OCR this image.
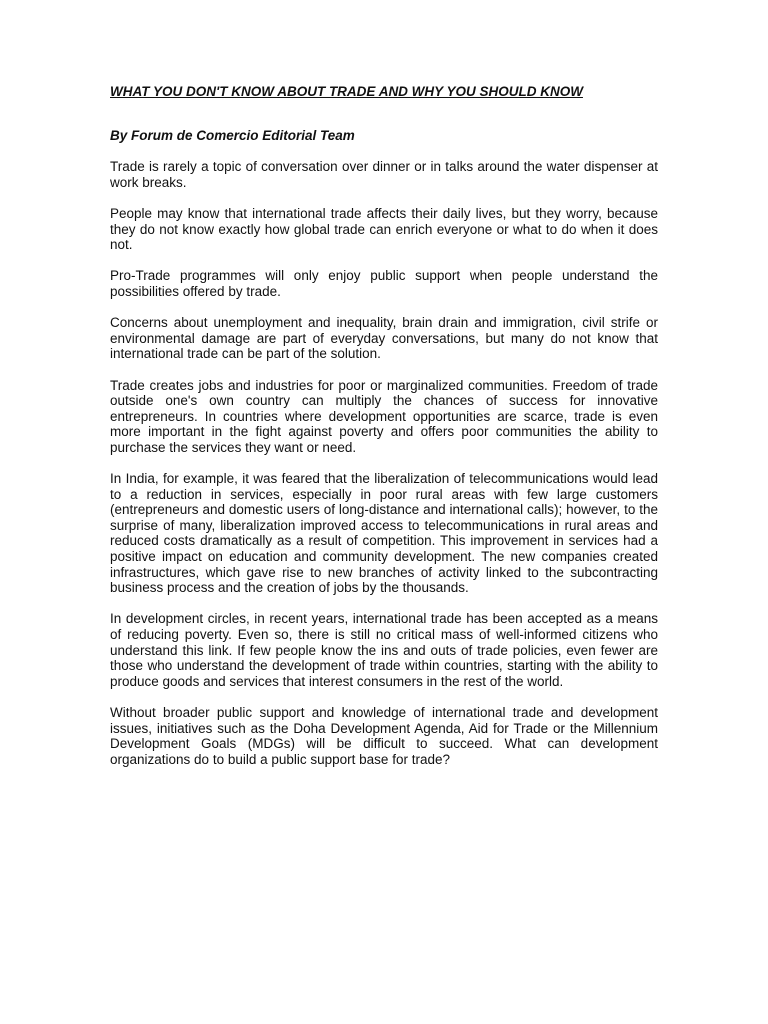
WHAT YOU DON'T KNOW ABOUT TRADE AND WHY YOU SHOULD KNOW
By Forum de Comercio Editorial Team

Trade is rarely a topic of conversation over dinner or in talks around the water dispenser at work breaks.

People may know that international trade affects their daily lives, but they worry, because they do not know exactly how global trade can enrich everyone or what to do when it does not.

Pro-Trade programmes will only enjoy public support when people understand the possibilities offered by trade.

Concerns about unemployment and inequality, brain drain and immigration, civil strife or environmental damage are part of everyday conversations, but many do not know that international trade can be part of the solution.

Trade creates jobs and industries for poor or marginalized communities. Freedom of trade outside one's own country can multiply the chances of success for innovative entrepreneurs. In countries where development opportunities are scarce, trade is even more important in the fight against poverty and offers poor communities the ability to purchase the services they want or need.

In India, for example, it was feared that the liberalization of telecommunications would lead to a reduction in services, especially in poor rural areas with few large customers (entrepreneurs and domestic users of long-distance and international calls); however, to the surprise of many, liberalization improved access to telecommunications in rural areas and reduced costs dramatically as a result of competition. This improvement in services had a positive impact on education and community development. The new companies created infrastructures, which gave rise to new branches of activity linked to the subcontracting business process and the creation of jobs by the thousands.

In development circles, in recent years, international trade has been accepted as a means of reducing poverty. Even so, there is still no critical mass of well-informed citizens who understand this link. If few people know the ins and outs of trade policies, even fewer are those who understand the development of trade within countries, starting with the ability to produce goods and services that interest consumers in the rest of the world.

Without broader public support and knowledge of international trade and development issues, initiatives such as the Doha Development Agenda, Aid for Trade or the Millennium Development Goals (MDGs) will be difficult to succeed. What can development organizations do to build a public support base for trade?
